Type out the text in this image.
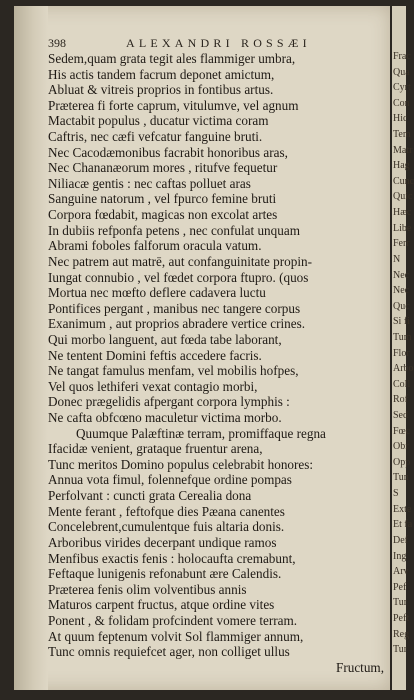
398	ALEXANDRI ROSSÆI
Sedem,quam grata tegit ales flammiger umbra,
His actis tandem facrum deponet amictum,
Abluat & vitreis proprios in fontibus artus.
Præterea fi forte caprum, vitulumve, vel agnum
Mactabit populus , ducatur victima coram
Caftris, nec cæfi vefcatur fanguine bruti.
Nec Cacodæmonibus facrabit honoribus aras,
Nec Chananæorum mores , ritufve fequetur
Niliacæ gentis : nec caftas polluet aras
Sanguine natorum , vel fpurco femine bruti
Corpora fœdabit, magicas non excolat artes
In dubiis refponfa petens , nec confulat unquam
Abrami foboles falforum oracula vatum.
Nec patrem aut matrē, aut confanguinitate propin-
Iungat connubio , vel fœdet corpora ftupro. (quos
Mortua nec mœfto deflere cadavera luctu
Pontifices pergant , manibus nec tangere corpus
Exanimum , aut proprios abradere vertice crines.
Qui morbo languent, aut fœda tabe laborant,
Ne tentent Domini feftis accedere facris.
Ne tangat famulus menfam, vel mobilis hofpes,
Vel quos lethiferi vexat contagio morbi,
Donec prægelidis afpergant corpora lymphis :
Ne cafta obfcœno maculetur victima morbo.
Quumque Palæftinæ terram, promiffaque regna
Ifacidæ venient, grataque fruentur arena,
Tunc meritos Domino populus celebrabit honores:
Annua vota fimul, folennefque ordine pompas
Perfolvant : cuncti grata Cerealia dona
Mente ferant , feftofque dies Pæana canentes
Concelebrent,cumulentque fuis altaria donis.
Arboribus virides decerpant undique ramos
Menfibus exactis fenis : holocaufta cremabunt,
Feftaque lunigenis refonabunt ære Calendis.
Præterea fenis olim volventibus annis
Maturos carpent fructus, atque ordine vites
Ponent , & folidam profcindent vomere terram.
At quum feptenum volvit Sol flammiger annum,
Tunc omnis requiefcet ager, non colliget ullus
Fructum,
Frac
Qua
Cyrt
Con
Hic
Tem
Matr
Hag
Cunc
Quic
Hæc
Libe
Ferr
N
Nec
Nec
Quc
Si fi
Tum
Flor
Arbo
Coll
Rof
Sed
Fœc
Obr
Opp
Tun
S
Exte
Et fa
Def
Ing
Arv
Pef
Tur
Peft
Reg
Tur
